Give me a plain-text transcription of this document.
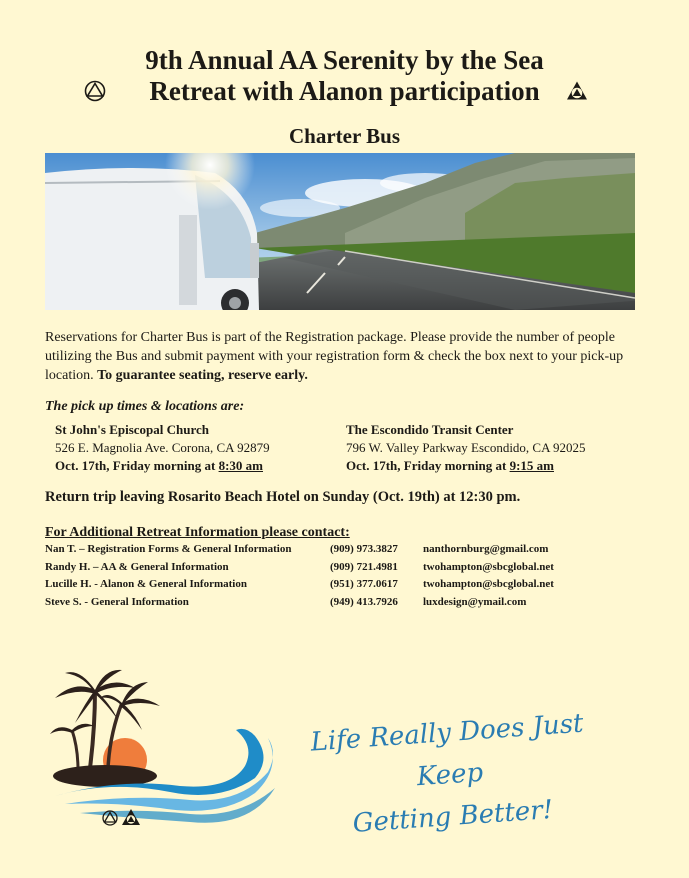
9th Annual AA Serenity by the Sea
Retreat with Alanon participation
Charter Bus
Reservations for Charter Bus is part of the Registration package. Please provide the number of people utilizing the Bus and submit payment with your registration form & check the box next to your pick-up location. To guarantee seating, reserve early.
The pick up times & locations are:
St John's Episcopal Church
526 E. Magnolia Ave. Corona, CA 92879
Oct. 17th, Friday morning at 8:30 am
The Escondido Transit Center
796 W. Valley Parkway Escondido, CA 92025
Oct. 17th, Friday morning at 9:15 am
Return trip leaving Rosarito Beach Hotel on Sunday (Oct. 19th) at 12:30 pm.
For Additional Retreat Information please contact:
Nan T. – Registration Forms & General Information	(909) 973.3827 nanthornburg@gmail.com
Randy H. – AA & General Information	(909) 721.4981 twohampton@sbcglobal.net
Lucille H. - Alanon & General Information	(951) 377.0617 twohampton@sbcglobal.net
Steve S. - General Information	(949) 413.7926 luxdesign@ymail.com
Life Really Does Just Keep
Getting Better!
